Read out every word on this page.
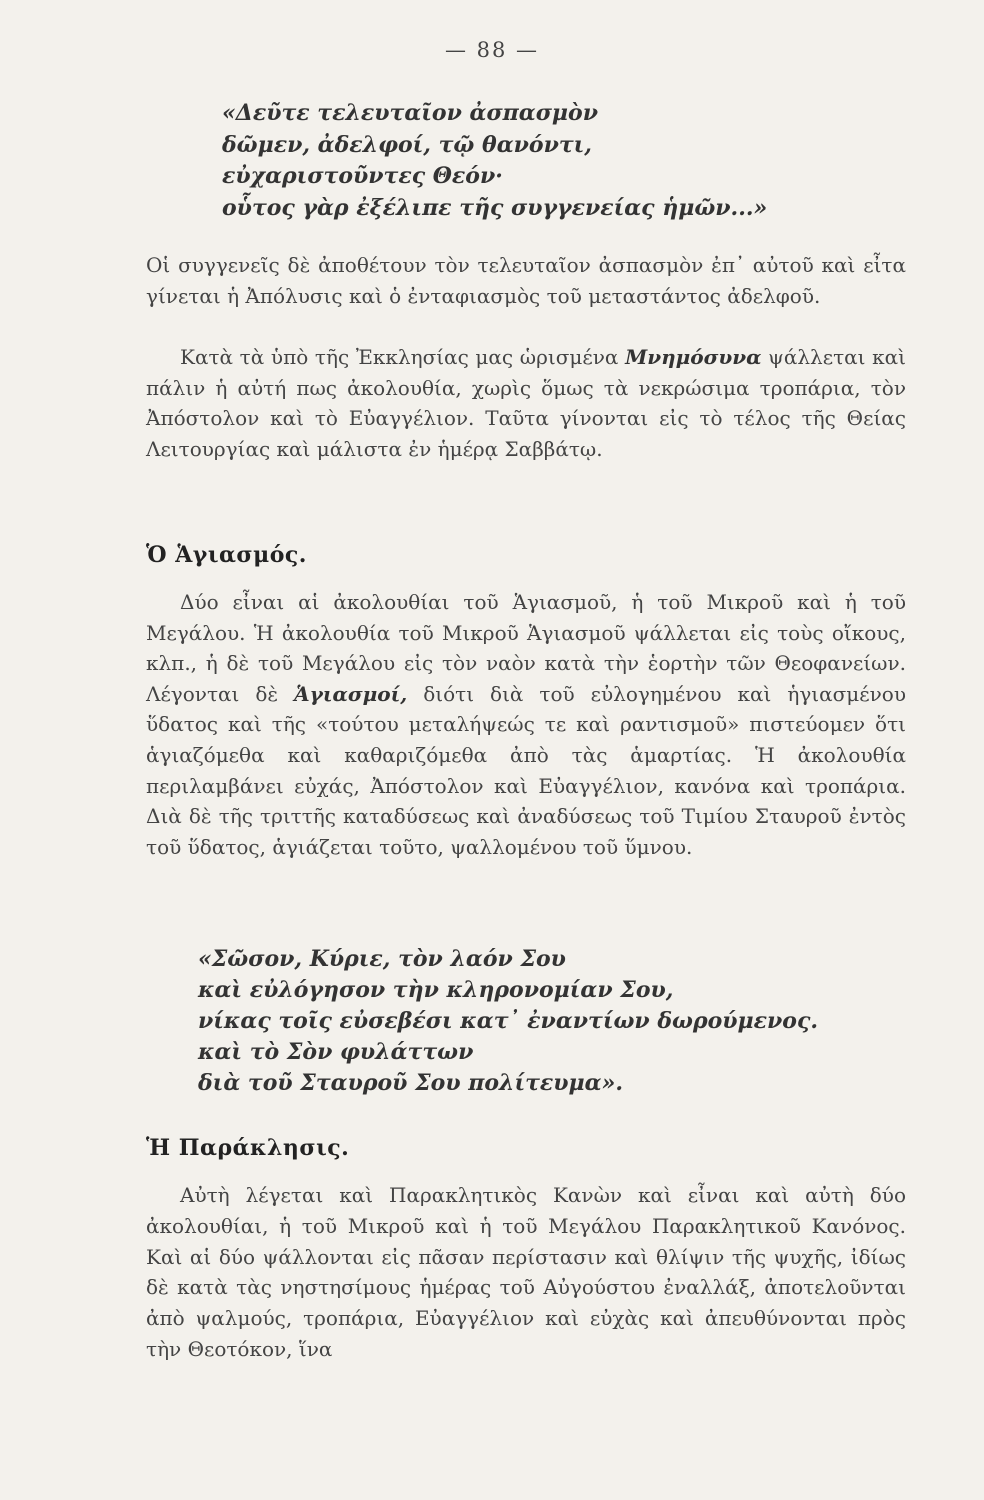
— 88 —
«Δεῦτε τελευταῖον ἀσπασμὸν
δῶμεν, ἀδελφοί, τῷ θανόντι,
εὐχαριστοῦντες Θεόν·
οὗτος γὰρ ἐξέλιπε τῆς συγγενείας ἡμῶν...»

Οἱ συγγενεῖς δὲ ἀποθέτουν τὸν τελευταῖον ἀσπασμὸν ἐπ᾿ αὐτοῦ καὶ εἶτα γίνεται ἡ Ἀπόλυσις καὶ ὁ ἐνταφιασμὸς τοῦ μεταστάντος ἀδελφοῦ.

Κατὰ τὰ ὑπὸ τῆς Ἐκκλησίας μας ὡρισμένα Μνημόσυνα ψάλλεται καὶ πάλιν ἡ αὐτή πως ἀκολουθία, χωρὶς ὅμως τὰ νεκρώσιμα τροπάρια, τὸν Ἀπόστολον καὶ τὸ Εὐαγγέλιον. Ταῦτα γίνονται εἰς τὸ τέλος τῆς Θείας Λειτουργίας καὶ μάλιστα ἐν ἡμέρᾳ Σαββάτῳ.

Ὁ Ἁγιασμός.

Δύο εἶναι αἱ ἀκολουθίαι τοῦ Ἁγιασμοῦ, ἡ τοῦ Μικροῦ καὶ ἡ τοῦ Μεγάλου. Ἡ ἀκολουθία τοῦ Μικροῦ Ἁγιασμοῦ ψάλλεται εἰς τοὺς οἴκους, κλπ., ἡ δὲ τοῦ Μεγάλου εἰς τὸν ναὸν κατὰ τὴν ἑορτὴν τῶν Θεοφανείων. Λέγονται δὲ Ἁγιασμοί, διότι διὰ τοῦ εὐλογημένου καὶ ἡγιασμένου ὕδατος καὶ τῆς «τούτου μεταλήψεώς τε καὶ ραντισμοῦ» πιστεύομεν ὅτι ἁγιαζόμεθα καὶ καθαριζόμεθα ἀπὸ τὰς ἁμαρτίας. Ἡ ἀκολουθία περιλαμβάνει εὐχάς, Ἀπόστολον καὶ Εὐαγγέλιον, κανόνα καὶ τροπάρια. Διὰ δὲ τῆς τριττῆς καταδύσεως καὶ ἀναδύσεως τοῦ Τιμίου Σταυροῦ ἐντὸς τοῦ ὕδατος, ἁγιάζεται τοῦτο, ψαλλομένου τοῦ ὕμνου.

«Σῶσον, Κύριε, τὸν λαόν Σου
καὶ εὐλόγησον τὴν κληρονομίαν Σου,
νίκας τοῖς εὐσεβέσι κατ᾿ ἐναντίων δωρούμενος.
καὶ τὸ Σὸν φυλάττων
διὰ τοῦ Σταυροῦ Σου πολίτευμα».
Ἡ Παράκλησις.

Αὐτὴ λέγεται καὶ Παρακλητικὸς Κανὼν καὶ εἶναι καὶ αὐτὴ δύο ἀκολουθίαι, ἡ τοῦ Μικροῦ καὶ ἡ τοῦ Μεγάλου Παρακλητικοῦ Κανόνος. Καὶ αἱ δύο ψάλλονται εἰς πᾶσαν περίστασιν καὶ θλίψιν τῆς ψυχῆς, ἰδίως δὲ κατὰ τὰς νηστησίμους ἡμέρας τοῦ Αὐγούστου ἐναλλάξ, ἀποτελοῦνται ἀπὸ ψαλμούς, τροπάρια, Εὐαγγέλιον καὶ εὐχὰς καὶ ἀπευθύνονται πρὸς τὴν Θεοτόκον, ἵνα
